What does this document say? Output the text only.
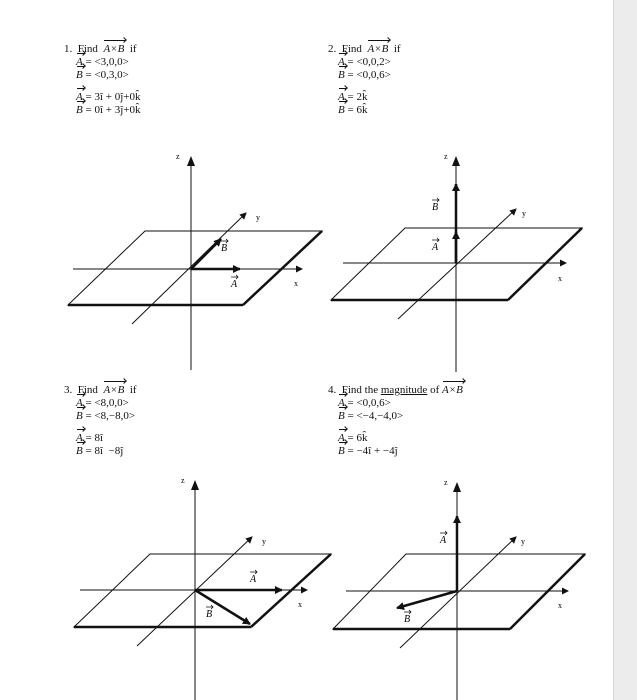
1. Find A×B if
A = <3,0,0>
B = <0,3,0>
A = 3î + 0ĵ+0k̂
B = 0î + 3ĵ+0k̂
2. Find A×B if
A = <0,0,2>
B = <0,0,6>
A = 2k̂
B = 6k̂
3. Find A×B if
A = <8,0,0>
B = <8,−8,0>
A = 8î
B = 8î  −8ĵ
4. Find the magnitude of A×B
A = <0,0,6>
B = <−4,−4,0>
A = 6k̂
B = −4î + −4ĵ
z
y
x
B
A
z
y
x
B
A
z
y
x
A
B
z
y
x
A
B
